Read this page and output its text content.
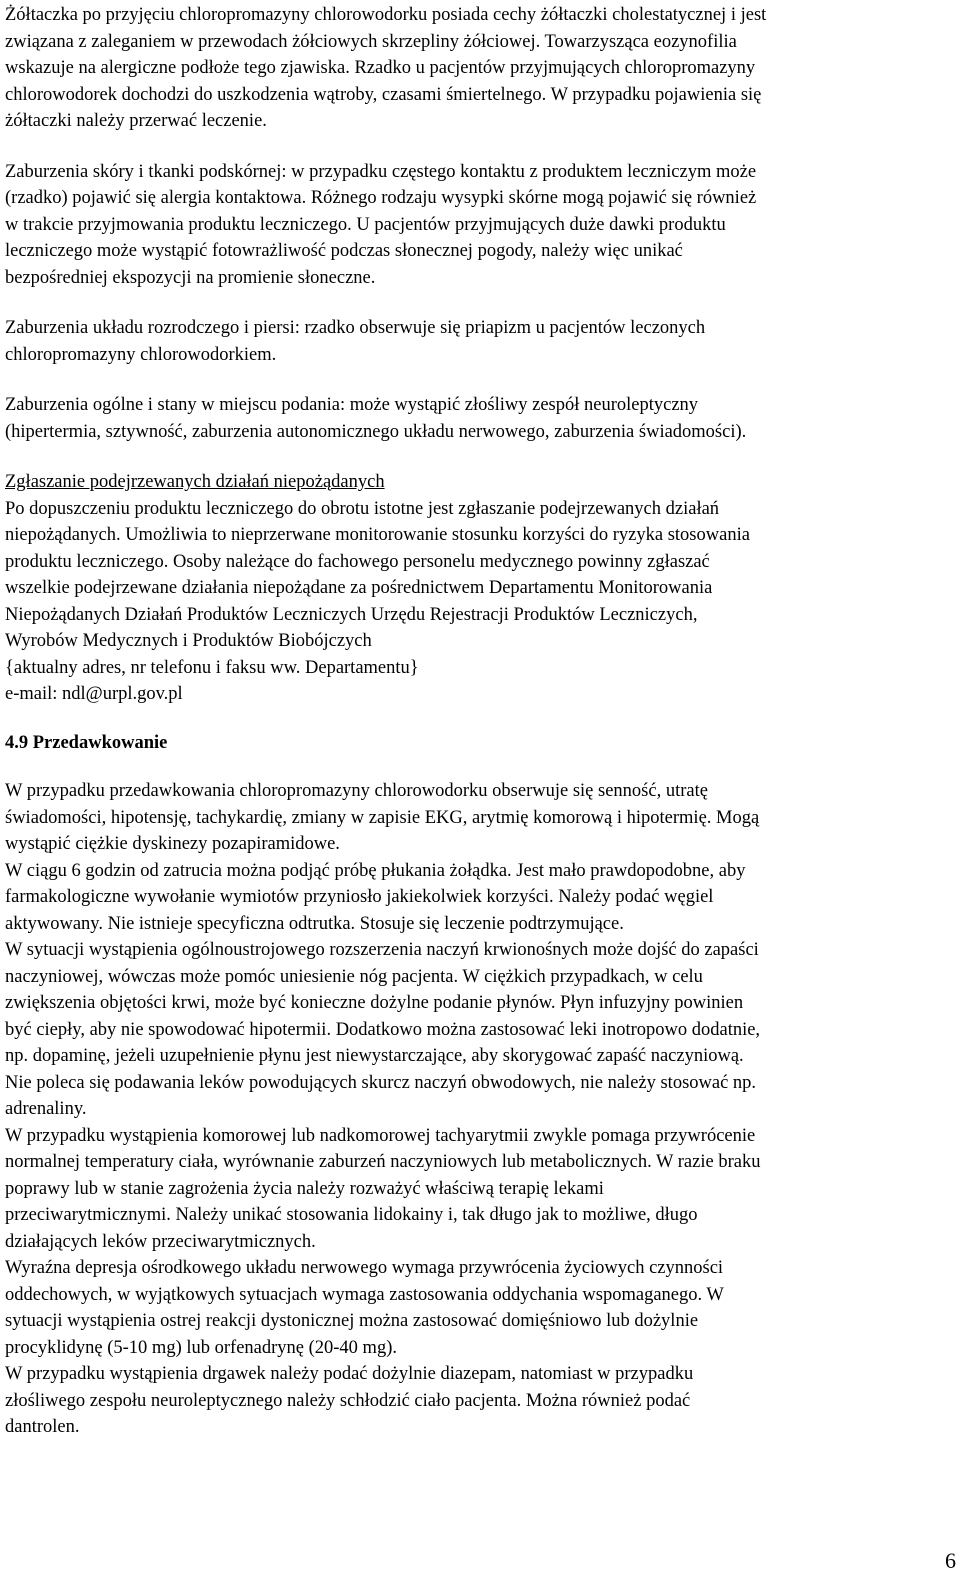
Żółtaczka po przyjęciu chloropromazyny chlorowodorku posiada cechy żółtaczki cholestatycznej i jest
związana z zaleganiem w przewodach żółciowych skrzepliny żółciowej. Towarzysząca eozynofilia
wskazuje na alergiczne podłoże tego zjawiska. Rzadko u pacjentów przyjmujących chloropromazyny
chlorowodorek dochodzi do uszkodzenia wątroby, czasami śmiertelnego. W przypadku pojawienia się
żółtaczki należy przerwać leczenie.

Zaburzenia skóry i tkanki podskórnej: w przypadku częstego kontaktu z produktem leczniczym może
(rzadko) pojawić się alergia kontaktowa. Różnego rodzaju wysypki skórne mogą pojawić się również
w trakcie przyjmowania produktu leczniczego. U pacjentów przyjmujących duże dawki produktu
leczniczego może wystąpić fotowrażliwość podczas słonecznej pogody, należy więc unikać
bezpośredniej ekspozycji na promienie słoneczne.

Zaburzenia układu rozrodczego i piersi: rzadko obserwuje się priapizm u pacjentów leczonych
chloropromazyny chlorowodorkiem.

Zaburzenia ogólne i stany w miejscu podania: może wystąpić złośliwy zespół neuroleptyczny
(hipertermia, sztywność, zaburzenia autonomicznego układu nerwowego, zaburzenia świadomości).

Zgłaszanie podejrzewanych działań niepożądanych

Po dopuszczeniu produktu leczniczego do obrotu istotne jest zgłaszanie podejrzewanych działań
niepożądanych. Umożliwia to nieprzerwane monitorowanie stosunku korzyści do ryzyka stosowania
produktu leczniczego. Osoby należące do fachowego personelu medycznego powinny zgłaszać
wszelkie podejrzewane działania niepożądane za pośrednictwem Departamentu Monitorowania
Niepożądanych Działań Produktów Leczniczych Urzędu Rejestracji Produktów Leczniczych,
Wyrobów Medycznych i Produktów Biobójczych
{aktualny adres, nr telefonu i faksu ww. Departamentu}
e-mail: ndl@urpl.gov.pl

4.9 Przedawkowanie

W przypadku przedawkowania chloropromazyny chlorowodorku obserwuje się senność, utratę
świadomości, hipotensję, tachykardię, zmiany w zapisie EKG, arytmię komorową i hipotermię. Mogą
wystąpić ciężkie dyskinezy pozapiramidowe.
W ciągu 6 godzin od zatrucia można podjąć próbę płukania żołądka. Jest mało prawdopodobne, aby
farmakologiczne wywołanie wymiotów przyniosło jakiekolwiek korzyści. Należy podać węgiel
aktywowany. Nie istnieje specyficzna odtrutka. Stosuje się leczenie podtrzymujące.
W sytuacji wystąpienia ogólnoustrojowego rozszerzenia naczyń krwionośnych może dojść do zapaści
naczyniowej, wówczas może pomóc uniesienie nóg pacjenta. W ciężkich przypadkach, w celu
zwiększenia objętości krwi, może być konieczne dożylne podanie płynów. Płyn infuzyjny powinien
być ciepły, aby nie spowodować hipotermii. Dodatkowo można zastosować leki inotropowo dodatnie,
np. dopaminę, jeżeli uzupełnienie płynu jest niewystarczające, aby skorygować zapaść naczyniową.
Nie poleca się podawania leków powodujących skurcz naczyń obwodowych, nie należy stosować np.
adrenaliny.
W przypadku wystąpienia komorowej lub nadkomorowej tachyarytmii zwykle pomaga przywrócenie
normalnej temperatury ciała, wyrównanie zaburzeń naczyniowych lub metabolicznych. W razie braku
poprawy lub w stanie zagrożenia życia należy rozważyć właściwą terapię lekami
przeciwarytmicznymi. Należy unikać stosowania lidokainy i, tak długo jak to możliwe, długo
działających leków przeciwarytmicznych.
Wyraźna depresja ośrodkowego układu nerwowego wymaga przywrócenia życiowych czynności
oddechowych, w wyjątkowych sytuacjach wymaga zastosowania oddychania wspomaganego. W
sytuacji wystąpienia ostrej reakcji dystonicznej można zastosować domięśniowo lub dożylnie
procyklidynę (5-10 mg) lub orfenadrynę (20-40 mg).
W przypadku wystąpienia drgawek należy podać dożylnie diazepam, natomiast w przypadku
złośliwego zespołu neuroleptycznego należy schłodzić ciało pacjenta. Można również podać
dantrolen.

6
